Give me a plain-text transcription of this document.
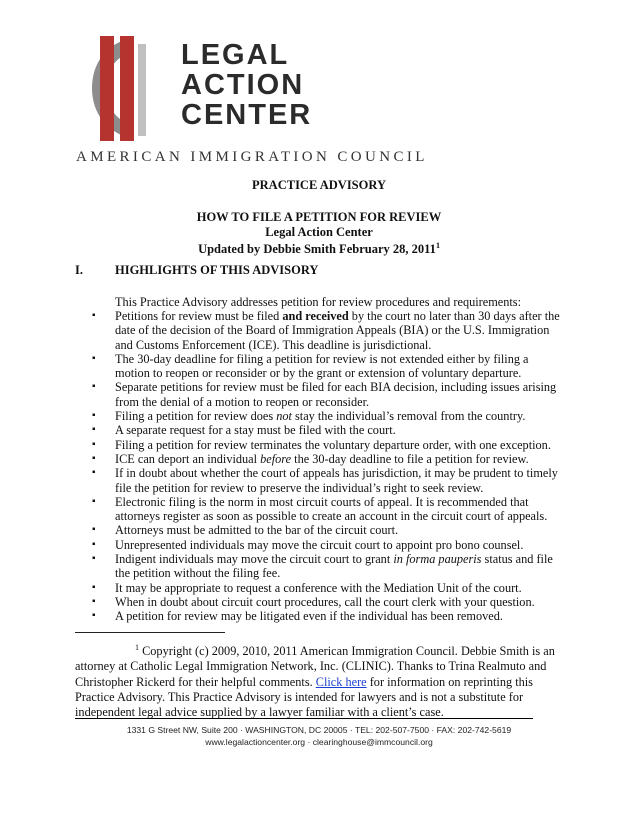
LEGAL
ACTION
CENTER
AMERICAN IMMIGRATION COUNCIL
PRACTICE ADVISORY
HOW TO FILE A PETITION FOR REVIEW
Legal Action Center
Updated by Debbie Smith February 28, 2011$^1$
I.	HIGHLIGHTS OF THIS ADVISORY
This Practice Advisory addresses petition for review procedures and requirements:
▪ Petitions for review must be filed and received by the court no later than 30 days after the date of the decision of the Board of Immigration Appeals (BIA) or the U.S. Immigration and Customs Enforcement (ICE). This deadline is jurisdictional.
▪ The 30-day deadline for filing a petition for review is not extended either by filing a motion to reopen or reconsider or by the grant or extension of voluntary departure.
▪ Separate petitions for review must be filed for each BIA decision, including issues arising from the denial of a motion to reopen or reconsider.
▪ Filing a petition for review does not stay the individual’s removal from the country.
▪ A separate request for a stay must be filed with the court.
▪ Filing a petition for review terminates the voluntary departure order, with one exception.
▪ ICE can deport an individual before the 30-day deadline to file a petition for review.
▪ If in doubt about whether the court of appeals has jurisdiction, it may be prudent to timely file the petition for review to preserve the individual’s right to seek review.
▪ Electronic filing is the norm in most circuit courts of appeal. It is recommended that attorneys register as soon as possible to create an account in the circuit court of appeals.
▪ Attorneys must be admitted to the bar of the circuit court.
▪ Unrepresented individuals may move the circuit court to appoint pro bono counsel.
▪ Indigent individuals may move the circuit court to grant in forma pauperis status and file the petition without the filing fee.
▪ It may be appropriate to request a conference with the Mediation Unit of the court.
▪ When in doubt about circuit court procedures, call the court clerk with your question.
▪ A petition for review may be litigated even if the individual has been removed.
$^1$ Copyright (c) 2009, 2010, 2011 American Immigration Council. Debbie Smith is an attorney at Catholic Legal Immigration Network, Inc. (CLINIC). Thanks to Trina Realmuto and Christopher Rickerd for their helpful comments. Click here for information on reprinting this Practice Advisory. This Practice Advisory is intended for lawyers and is not a substitute for independent legal advice supplied by a lawyer familiar with a client’s case.
1331 G Street NW, Suite 200 · WASHINGTON, DC 20005 · TEL: 202-507-7500 · FAX: 202-742-5619
www.legalactioncenter.org · clearinghouse@immcouncil.org
